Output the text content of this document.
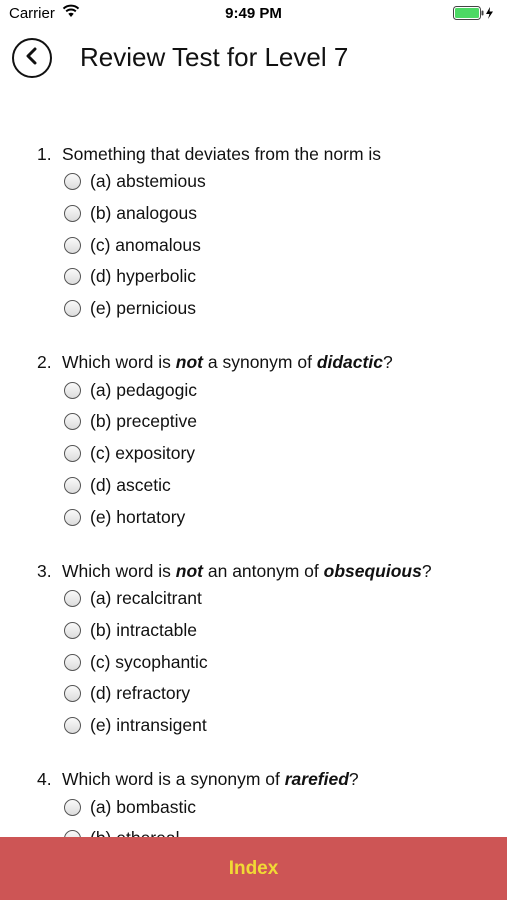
Carrier	9:49 PM
Review Test for Level 7
1. Something that deviates from the norm is
(a) abstemious
(b) analogous
(c) anomalous
(d) hyperbolic
(e) pernicious
2. Which word is not a synonym of didactic?
(a) pedagogic
(b) preceptive
(c) expository
(d) ascetic
(e) hortatory
3. Which word is not an antonym of obsequious?
(a) recalcitrant
(b) intractable
(c) sycophantic
(d) refractory
(e) intransigent
4. Which word is a synonym of rarefied?
(a) bombastic
Index
